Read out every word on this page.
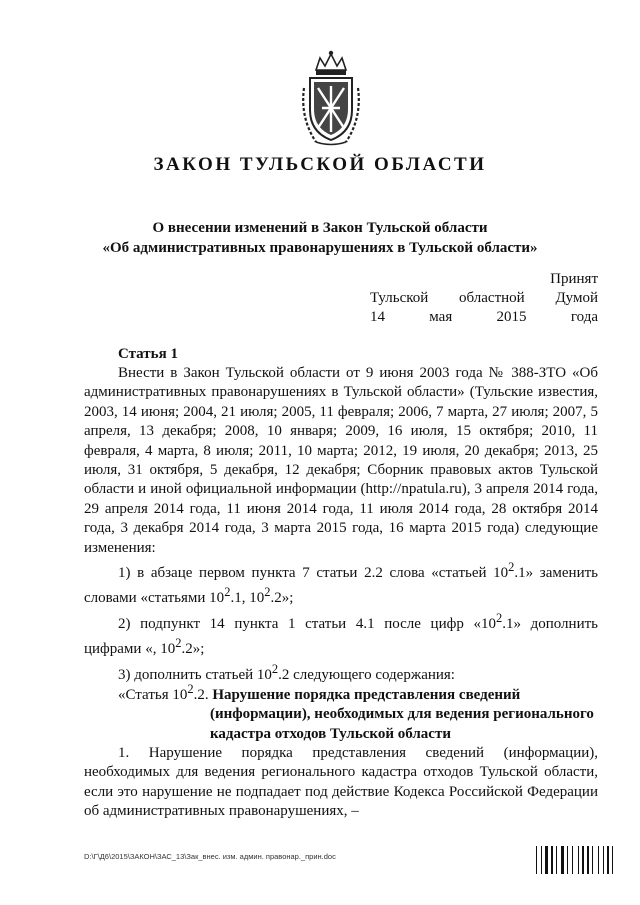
ЗАКОН ТУЛЬСКОЙ ОБЛАСТИ
О внесении изменений в Закон Тульской области
«Об административных правонарушениях в Тульской области»
Принят
Тульской областной Думой
14	мая	2015	года
Статья 1

Внести в Закон Тульской области от 9 июня 2003 года № 388-ЗТО «Об административных правонарушениях в Тульской области» (Тульские известия, 2003, 14 июня; 2004, 21 июля; 2005, 11 февраля; 2006, 7 марта, 27 июля; 2007, 5 апреля, 13 декабря; 2008, 10 января; 2009, 16 июля, 15 октября; 2010, 11 февраля, 4 марта, 8 июля; 2011, 10 марта; 2012, 19 июля, 20 декабря; 2013, 25 июля, 31 октября, 5 декабря, 12 декабря; Сборник правовых актов Тульской области и иной официальной информации (http://npatula.ru), 3 апреля 2014 года, 29 апреля 2014 года, 11 июня 2014 года, 11 июля 2014 года, 28 октября 2014 года, 3 декабря 2014 года, 3 марта 2015 года, 16 марта 2015 года) следующие изменения:

1) в абзаце первом пункта 7 статьи 2.2 слова «статьей $10^2.1$» заменить словами «статьями $10^2.1$, $10^2.2$»;

2) подпункт 14 пункта 1 статьи 4.1 после цифр «$10^2.1$» дополнить цифрами «, $10^2.2$»;

3) дополнить статьей $10^2.2$ следующего содержания:

«Статья $10^2.2$. Нарушение порядка представления сведений
(информации), необходимых для ведения регионального
кадастра отходов Тульской области

1. Нарушение порядка представления сведений (информации), необходимых для ведения регионального кадастра отходов Тульской области, если это нарушение не подпадает под действие Кодекса Российской Федерации об административных правонарушениях, –

D:\Г\Д6\2015\ЗАКОН\ЗАС_13\Зак_внес. изм. админ. правонар._прин.doc
